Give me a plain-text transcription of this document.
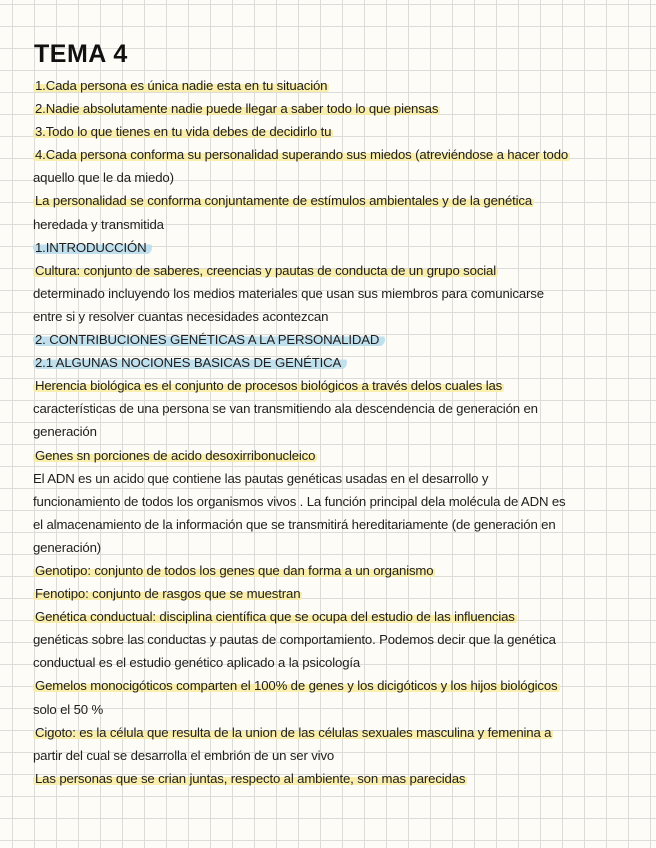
TEMA 4
1.Cada persona es única nadie esta en tu situación
2.Nadie absolutamente nadie puede llegar a saber todo lo que piensas
3.Todo lo que tienes en tu vida debes de decidirlo tu
4.Cada persona conforma su personalidad superando sus miedos (atreviéndose a hacer todo
aquello que le da miedo)
La personalidad se conforma conjuntamente de estímulos ambientales y de la genética
heredada y transmitida
1.INTRODUCCIÓN
Cultura: conjunto de saberes, creencias y pautas de conducta de un grupo social
determinado incluyendo los medios materiales que usan sus miembros para comunicarse
entre si y resolver cuantas necesidades acontezcan
2. CONTRIBUCIONES GENÉTICAS A LA PERSONALIDAD
2.1 ALGUNAS NOCIONES BASICAS DE GENÉTICA
Herencia biológica es el conjunto de procesos biológicos a través delos cuales las
características de una persona se van transmitiendo ala descendencia de generación en
generación
Genes sn porciones de acido desoxirribonucleico
El ADN es un acido que contiene las pautas genéticas usadas en el desarrollo y
funcionamiento de todos los organismos vivos . La función principal dela molécula de ADN es
el almacenamiento de la información que se transmitirá hereditariamente (de generación en
generación)
Genotipo: conjunto de todos los genes que dan forma a un organismo
Fenotipo: conjunto de rasgos que se muestran
Genética conductual: disciplina científica que se ocupa del estudio de las influencias
genéticas sobre las conductas y pautas de comportamiento. Podemos decir que la genética
conductual es el estudio genético aplicado a la psicología
Gemelos monocigóticos comparten el 100% de genes y los dicigóticos y los hijos biológicos
solo el 50 %
Cigoto: es la célula que resulta de la union de las células sexuales masculina y femenina a
partir del cual se desarrolla el embrión de un ser vivo
Las personas que se crian juntas, respecto al ambiente, son mas parecidas
